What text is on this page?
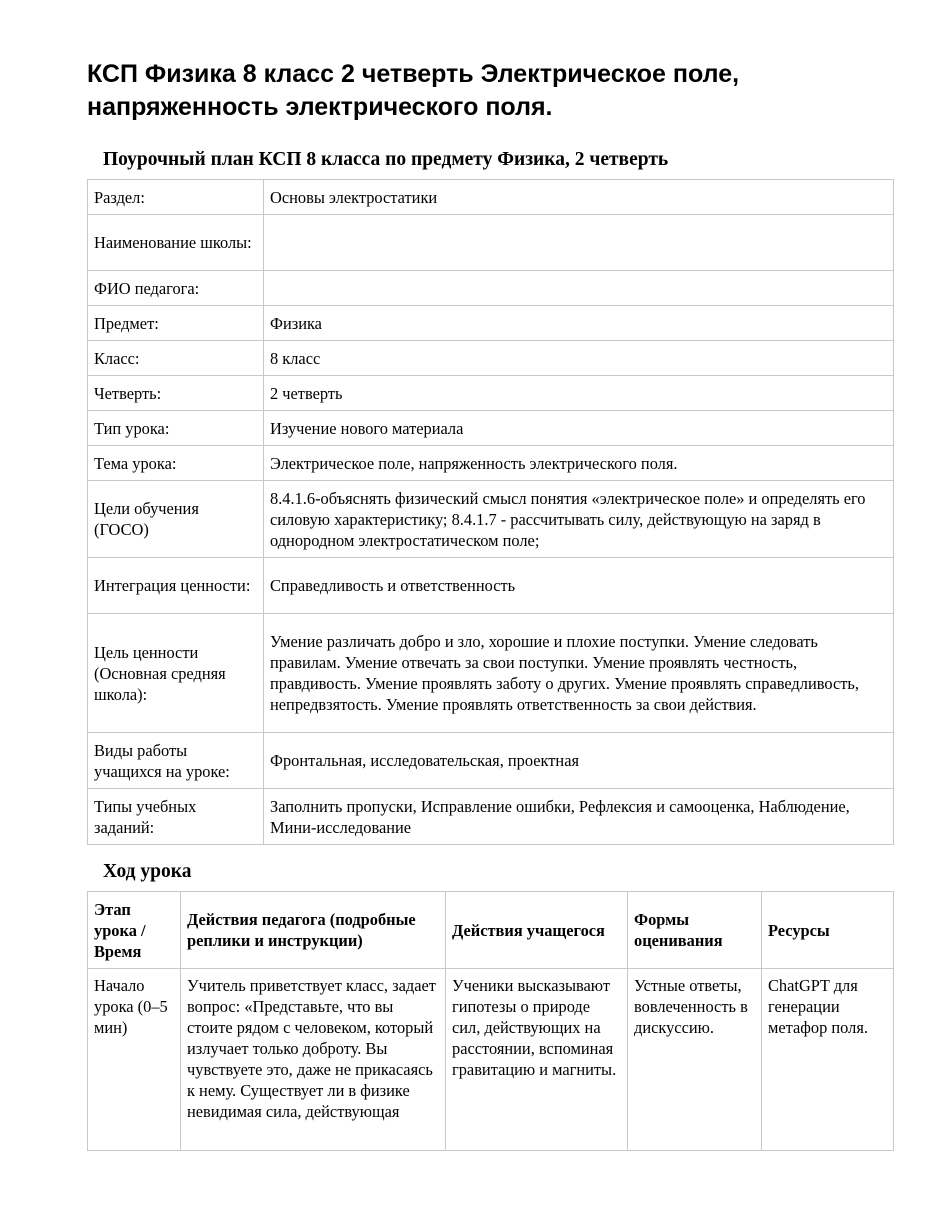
КСП Физика 8 класс 2 четверть Электрическое поле, напряженность электрического поля.
Поурочный план КСП 8 класса по предмету Физика, 2 четверть
Раздел:	Основы электростатики
Наименование школы:	
ФИО педагога:	
Предмет:	Физика
Класс:	8 класс
Четверть:	2 четверть
Тип урока:	Изучение нового материала
Тема урока:	Электрическое поле, напряженность электрического поля.
Цели обучения (ГОСО)	8.4.1.6-объяснять физический смысл понятия «электрическое поле» и определять его силовую характеристику; 8.4.1.7 - рассчитывать силу, действующую на заряд в однородном электростатическом поле;
Интеграция ценности:	Справедливость и ответственность
Цель ценности (Основная средняя школа):	Умение различать добро и зло, хорошие и плохие поступки. Умение следовать правилам. Умение отвечать за свои поступки. Умение проявлять честность, правдивость. Умение проявлять заботу о других. Умение проявлять справедливость, непредвзятость. Умение проявлять ответственность за свои действия.
Виды работы учащихся на уроке:	Фронтальная, исследовательская, проектная
Типы учебных заданий:	Заполнить пропуски, Исправление ошибки, Рефлексия и самооценка, Наблюдение, Мини-исследование
Ход урока
Этап урока / Время	Действия педагога (подробные реплики и инструкции)	Действия учащегося	Формы оценивания	Ресурсы
Начало урока (0–5 мин)	Учитель приветствует класс, задает вопрос: «Представьте, что вы стоите рядом с человеком, который излучает только доброту. Вы чувствуете это, даже не прикасаясь к нему. Существует ли в физике невидимая сила, действующая	Ученики высказывают гипотезы о природе сил, действующих на расстоянии, вспоминая гравитацию и магниты.	Устные ответы, вовлеченность в дискуссию.	ChatGPT для генерации метафор поля.
